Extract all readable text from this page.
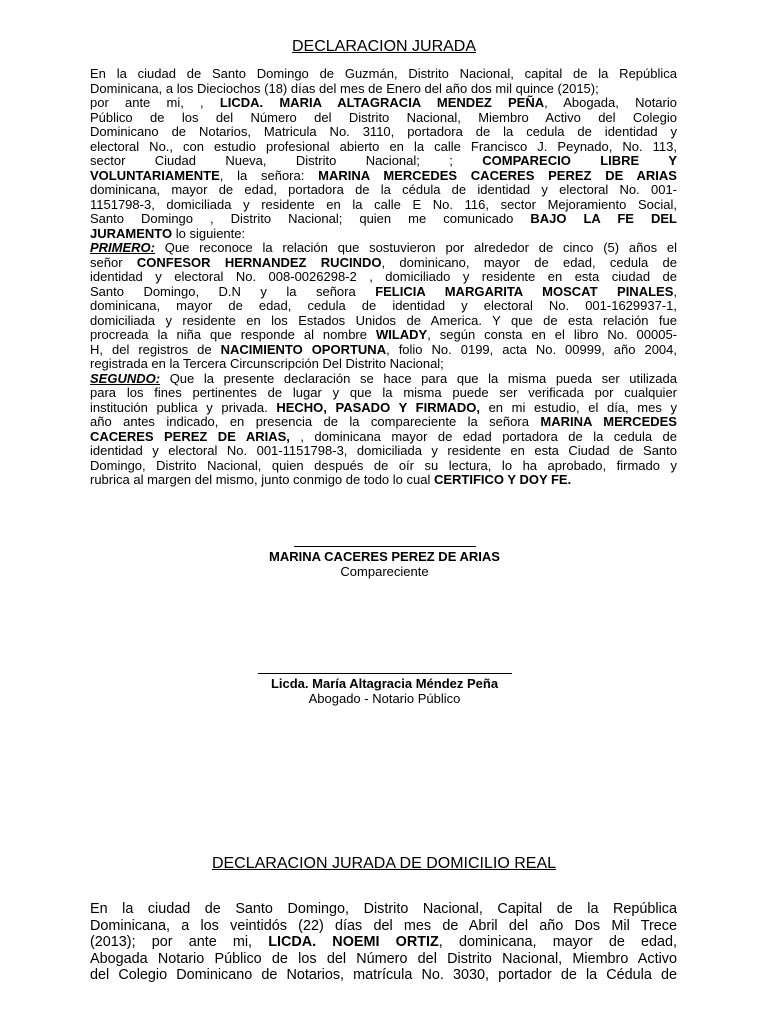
DECLARACION JURADA
En la ciudad de Santo Domingo de Guzmán, Distrito Nacional, capital de la República
Dominicana, a los Dieciochos (18) días del mes de Enero del año dos mil quince (2015);
por ante mi, , LICDA. MARIA ALTAGRACIA MENDEZ PEÑA, Abogada, Notario
Público de los del Número del Distrito Nacional, Miembro Activo del Colegio
Dominicano de Notarios, Matricula No. 3110, portadora de la cedula de identidad y
electoral No., con estudio profesional abierto en la calle Francisco J. Peynado, No. 113,
sector Ciudad Nueva, Distrito Nacional; ; COMPARECIO LIBRE Y
VOLUNTARIAMENTE, la señora: MARINA MERCEDES CACERES PEREZ DE ARIAS
dominicana, mayor de edad, portadora de la cédula de identidad y electoral No. 001-
1151798-3, domiciliada y residente en la calle E No. 116, sector Mejoramiento Social,
Santo Domingo , Distrito Nacional; quien me comunicado BAJO LA FE DEL
JURAMENTO lo siguiente:
PRIMERO: Que reconoce la relación que sostuvieron por alrededor de cinco (5) años el
señor CONFESOR HERNANDEZ RUCINDO, dominicano, mayor de edad, cedula de
identidad y electoral No. 008-0026298-2 , domiciliado y residente en esta ciudad de
Santo Domingo, D.N y la señora FELICIA MARGARITA MOSCAT PINALES,
dominicana, mayor de edad, cedula de identidad y electoral No. 001-1629937-1,
domiciliada y residente en los Estados Unidos de America. Y que de esta relación fue
procreada la niña que responde al nombre WILADY, según consta en el libro No. 00005-
H, del registros de NACIMIENTO OPORTUNA, folio No. 0199, acta No. 00999, año 2004,
registrada en la Tercera Circunscripción Del Distrito Nacional;
SEGUNDO: Que la presente declaración se hace para que la misma pueda ser utilizada
para los fines pertinentes de lugar y que la misma puede ser verificada por cualquier
institución publica y privada. HECHO, PASADO Y FIRMADO, en mi estudio, el día, mes y
año antes indicado, en presencia de la compareciente la señora MARINA MERCEDES
CACERES PEREZ DE ARIAS, , dominicana mayor de edad portadora de la cedula de
identidad y electoral No. 001-1151798-3, domiciliada y residente en esta Ciudad de Santo
Domingo, Distrito Nacional, quien después de oír su lectura, lo ha aprobado, firmado y
rubrica al margen del mismo, junto conmigo de todo lo cual CERTIFICO Y DOY FE.
MARINA CACERES PEREZ DE ARIAS
Compareciente
Licda. María Altagracia Méndez Peña
Abogado - Notario Público
DECLARACION JURADA DE DOMICILIO REAL
En la ciudad de Santo Domingo, Distrito Nacional, Capital de la República
Dominicana, a los veintidós (22) días del mes de Abril del año Dos Mil Trece
(2013); por ante mi, LICDA. NOEMI ORTIZ, dominicana, mayor de edad,
Abogada Notario Público de los del Número del Distrito Nacional, Miembro Activo
del Colegio Dominicano de Notarios, matrícula No. 3030, portador de la Cédula de
